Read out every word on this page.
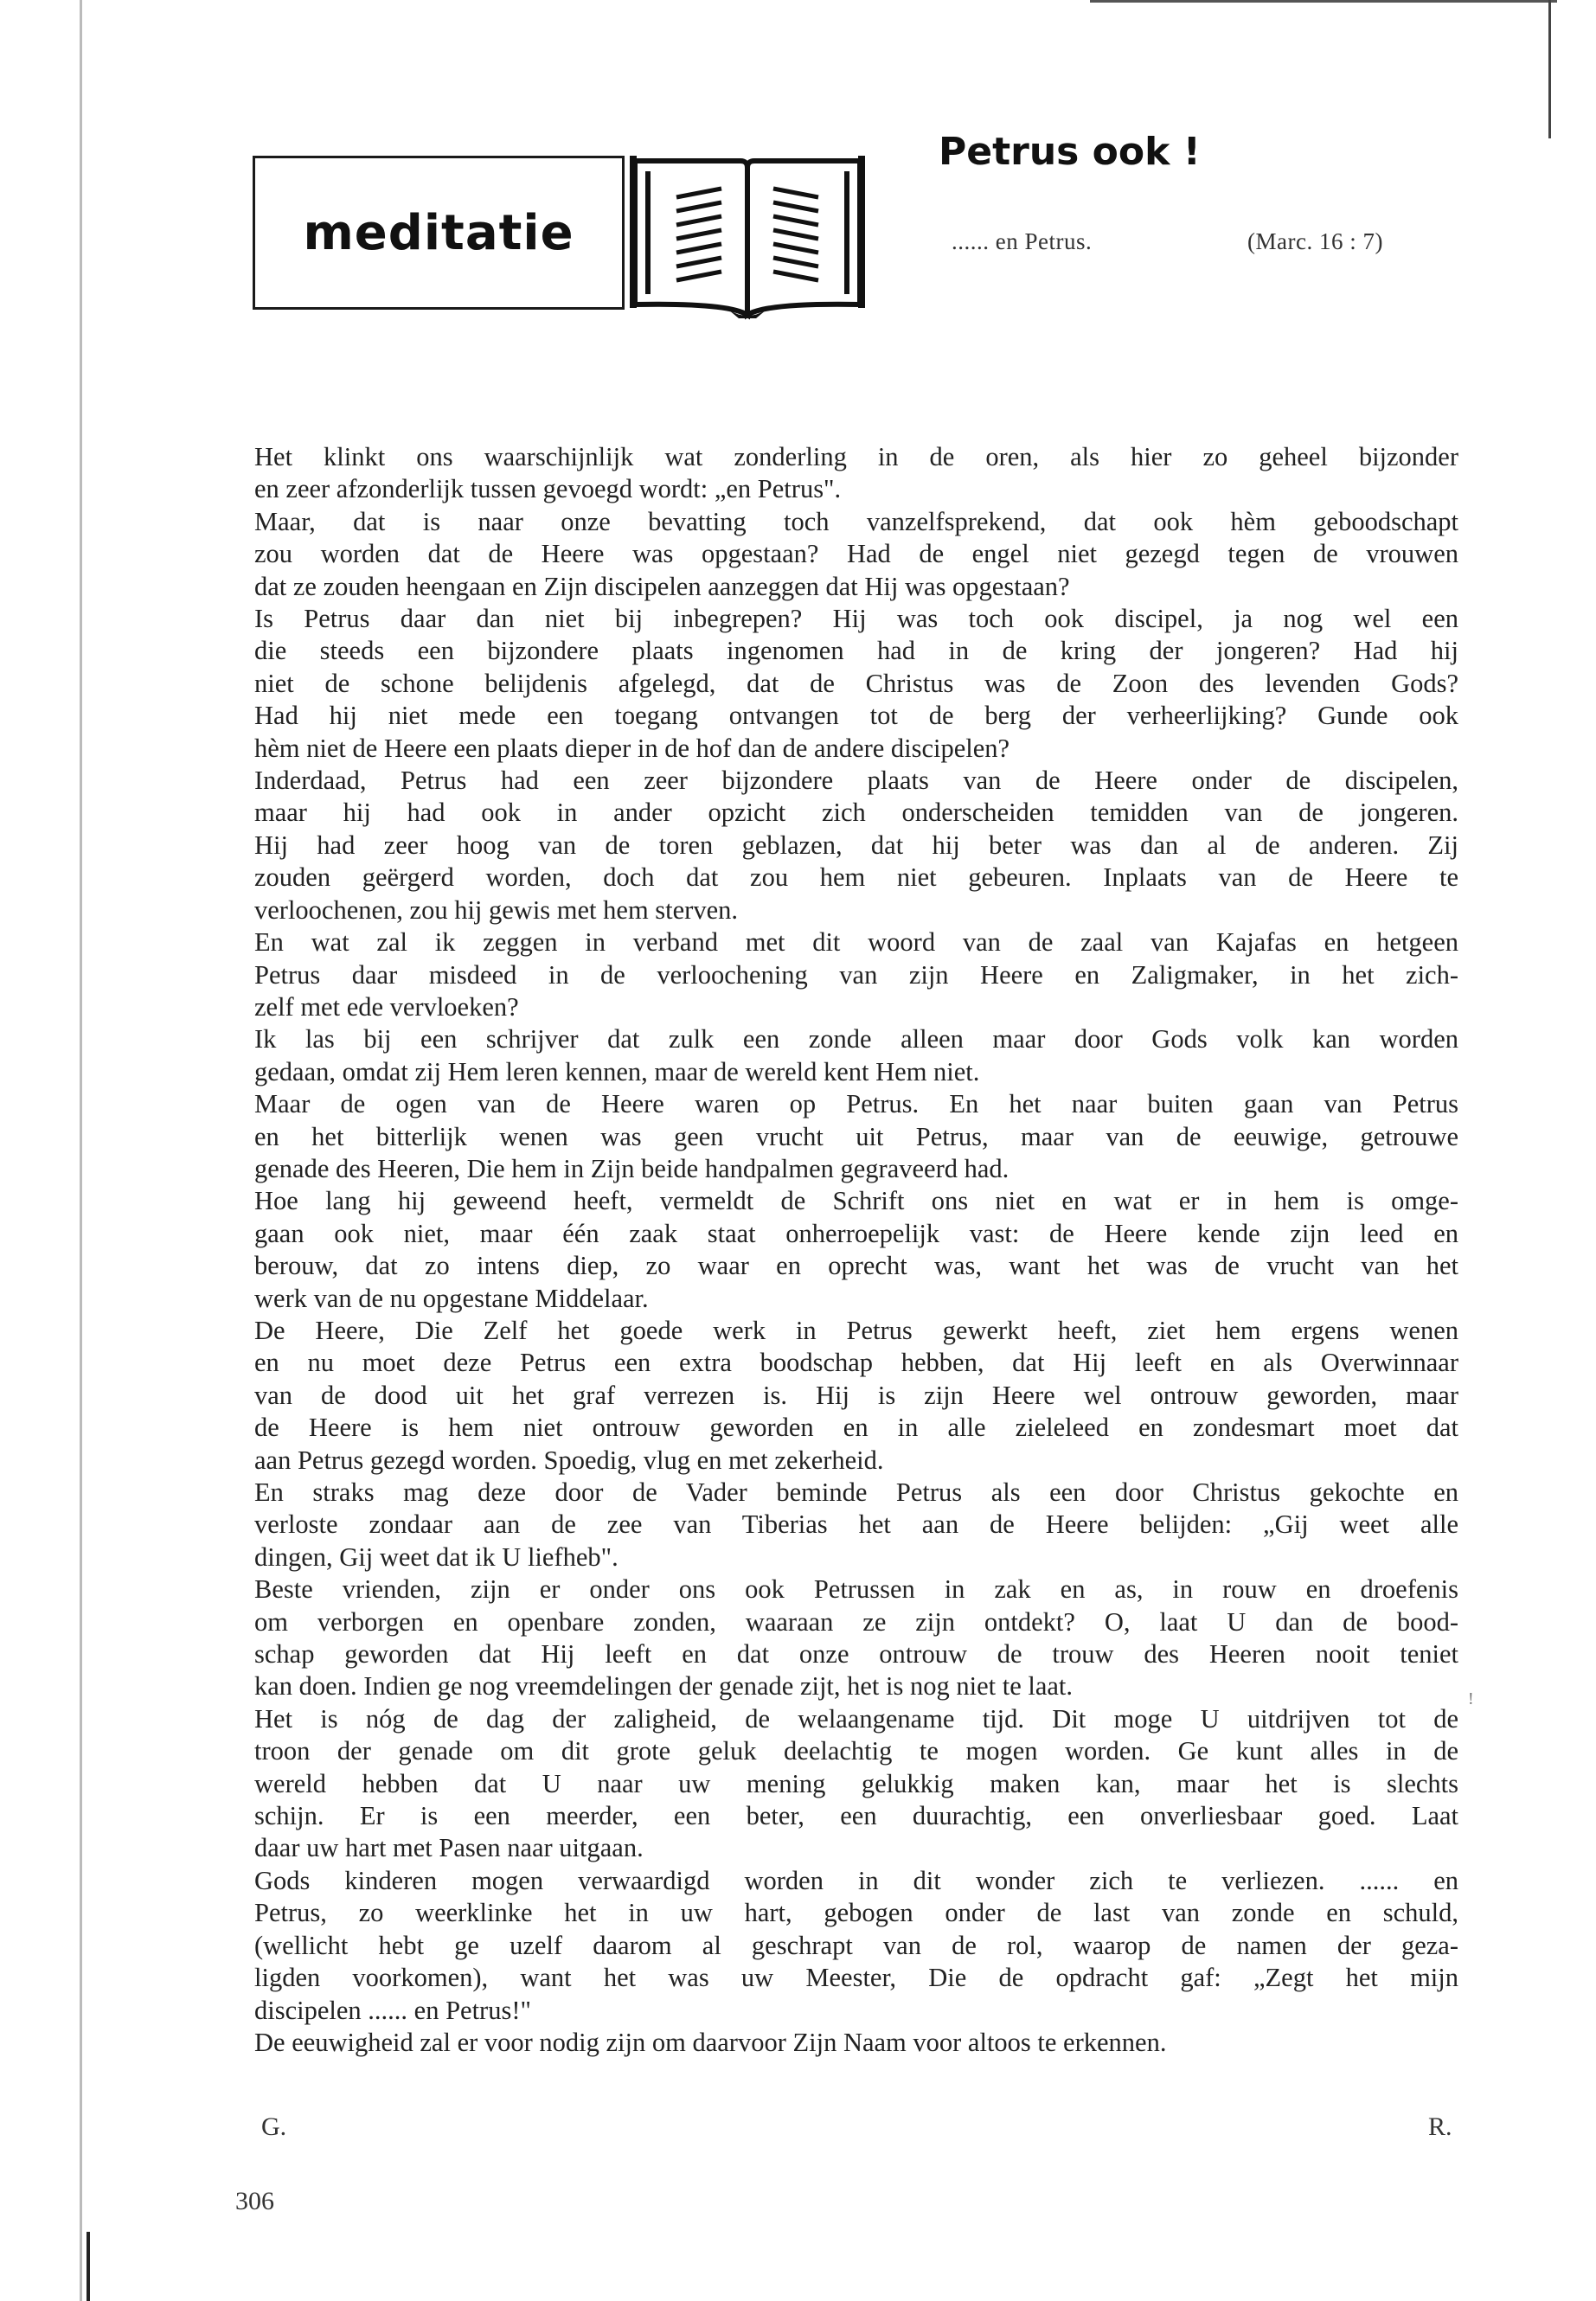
meditatie
Petrus ook !
...... en Petrus.	(Marc. 16 : 7)
Het klinkt ons waarschijnlijk wat zonderling in de oren, als hier zo geheel bijzonder
en zeer afzonderlijk tussen gevoegd wordt: „en Petrus".
Maar, dat is naar onze bevatting toch vanzelfsprekend, dat ook hèm geboodschapt
zou worden dat de Heere was opgestaan? Had de engel niet gezegd tegen de vrouwen
dat ze zouden heengaan en Zijn discipelen aanzeggen dat Hij was opgestaan?
Is Petrus daar dan niet bij inbegrepen? Hij was toch ook discipel, ja nog wel een
die steeds een bijzondere plaats ingenomen had in de kring der jongeren? Had hij
niet de schone belijdenis afgelegd, dat de Christus was de Zoon des levenden Gods?
Had hij niet mede een toegang ontvangen tot de berg der verheerlijking? Gunde ook
hèm niet de Heere een plaats dieper in de hof dan de andere discipelen?
Inderdaad, Petrus had een zeer bijzondere plaats van de Heere onder de discipelen,
maar hij had ook in ander opzicht zich onderscheiden temidden van de jongeren.
Hij had zeer hoog van de toren geblazen, dat hij beter was dan al de anderen. Zij
zouden geërgerd worden, doch dat zou hem niet gebeuren. Inplaats van de Heere te
verloochenen, zou hij gewis met hem sterven.
En wat zal ik zeggen in verband met dit woord van de zaal van Kajafas en hetgeen
Petrus daar misdeed in de verloochening van zijn Heere en Zaligmaker, in het zich-
zelf met ede vervloeken?
Ik las bij een schrijver dat zulk een zonde alleen maar door Gods volk kan worden
gedaan, omdat zij Hem leren kennen, maar de wereld kent Hem niet.
Maar de ogen van de Heere waren op Petrus. En het naar buiten gaan van Petrus
en het bitterlijk wenen was geen vrucht uit Petrus, maar van de eeuwige, getrouwe
genade des Heeren, Die hem in Zijn beide handpalmen gegraveerd had.
Hoe lang hij geweend heeft, vermeldt de Schrift ons niet en wat er in hem is omge-
gaan ook niet, maar één zaak staat onherroepelijk vast: de Heere kende zijn leed en
berouw, dat zo intens diep, zo waar en oprecht was, want het was de vrucht van het
werk van de nu opgestane Middelaar.
De Heere, Die Zelf het goede werk in Petrus gewerkt heeft, ziet hem ergens wenen
en nu moet deze Petrus een extra boodschap hebben, dat Hij leeft en als Overwinnaar
van de dood uit het graf verrezen is. Hij is zijn Heere wel ontrouw geworden, maar
de Heere is hem niet ontrouw geworden en in alle zieleleed en zondesmart moet dat
aan Petrus gezegd worden. Spoedig, vlug en met zekerheid.
En straks mag deze door de Vader beminde Petrus als een door Christus gekochte en
verloste zondaar aan de zee van Tiberias het aan de Heere belijden: „Gij weet alle
dingen, Gij weet dat ik U liefheb".
Beste vrienden, zijn er onder ons ook Petrussen in zak en as, in rouw en droefenis
om verborgen en openbare zonden, waaraan ze zijn ontdekt? O, laat U dan de bood-
schap geworden dat Hij leeft en dat onze ontrouw de trouw des Heeren nooit teniet
kan doen. Indien ge nog vreemdelingen der genade zijt, het is nog niet te laat.
Het is nóg de dag der zaligheid, de welaangename tijd. Dit moge U uitdrijven tot de
troon der genade om dit grote geluk deelachtig te mogen worden. Ge kunt alles in de
wereld hebben dat U naar uw mening gelukkig maken kan, maar het is slechts
schijn. Er is een meerder, een beter, een duurachtig, een onverliesbaar goed. Laat
daar uw hart met Pasen naar uitgaan.
Gods kinderen mogen verwaardigd worden in dit wonder zich te verliezen. ...... en
Petrus, zo weerklinke het in uw hart, gebogen onder de last van zonde en schuld,
(wellicht hebt ge uzelf daarom al geschrapt van de rol, waarop de namen der geza-
ligden voorkomen), want het was uw Meester, Die de opdracht gaf: „Zegt het mijn
discipelen ...... en Petrus!"
De eeuwigheid zal er voor nodig zijn om daarvoor Zijn Naam voor altoos te erkennen.
!
G.	R.
306
